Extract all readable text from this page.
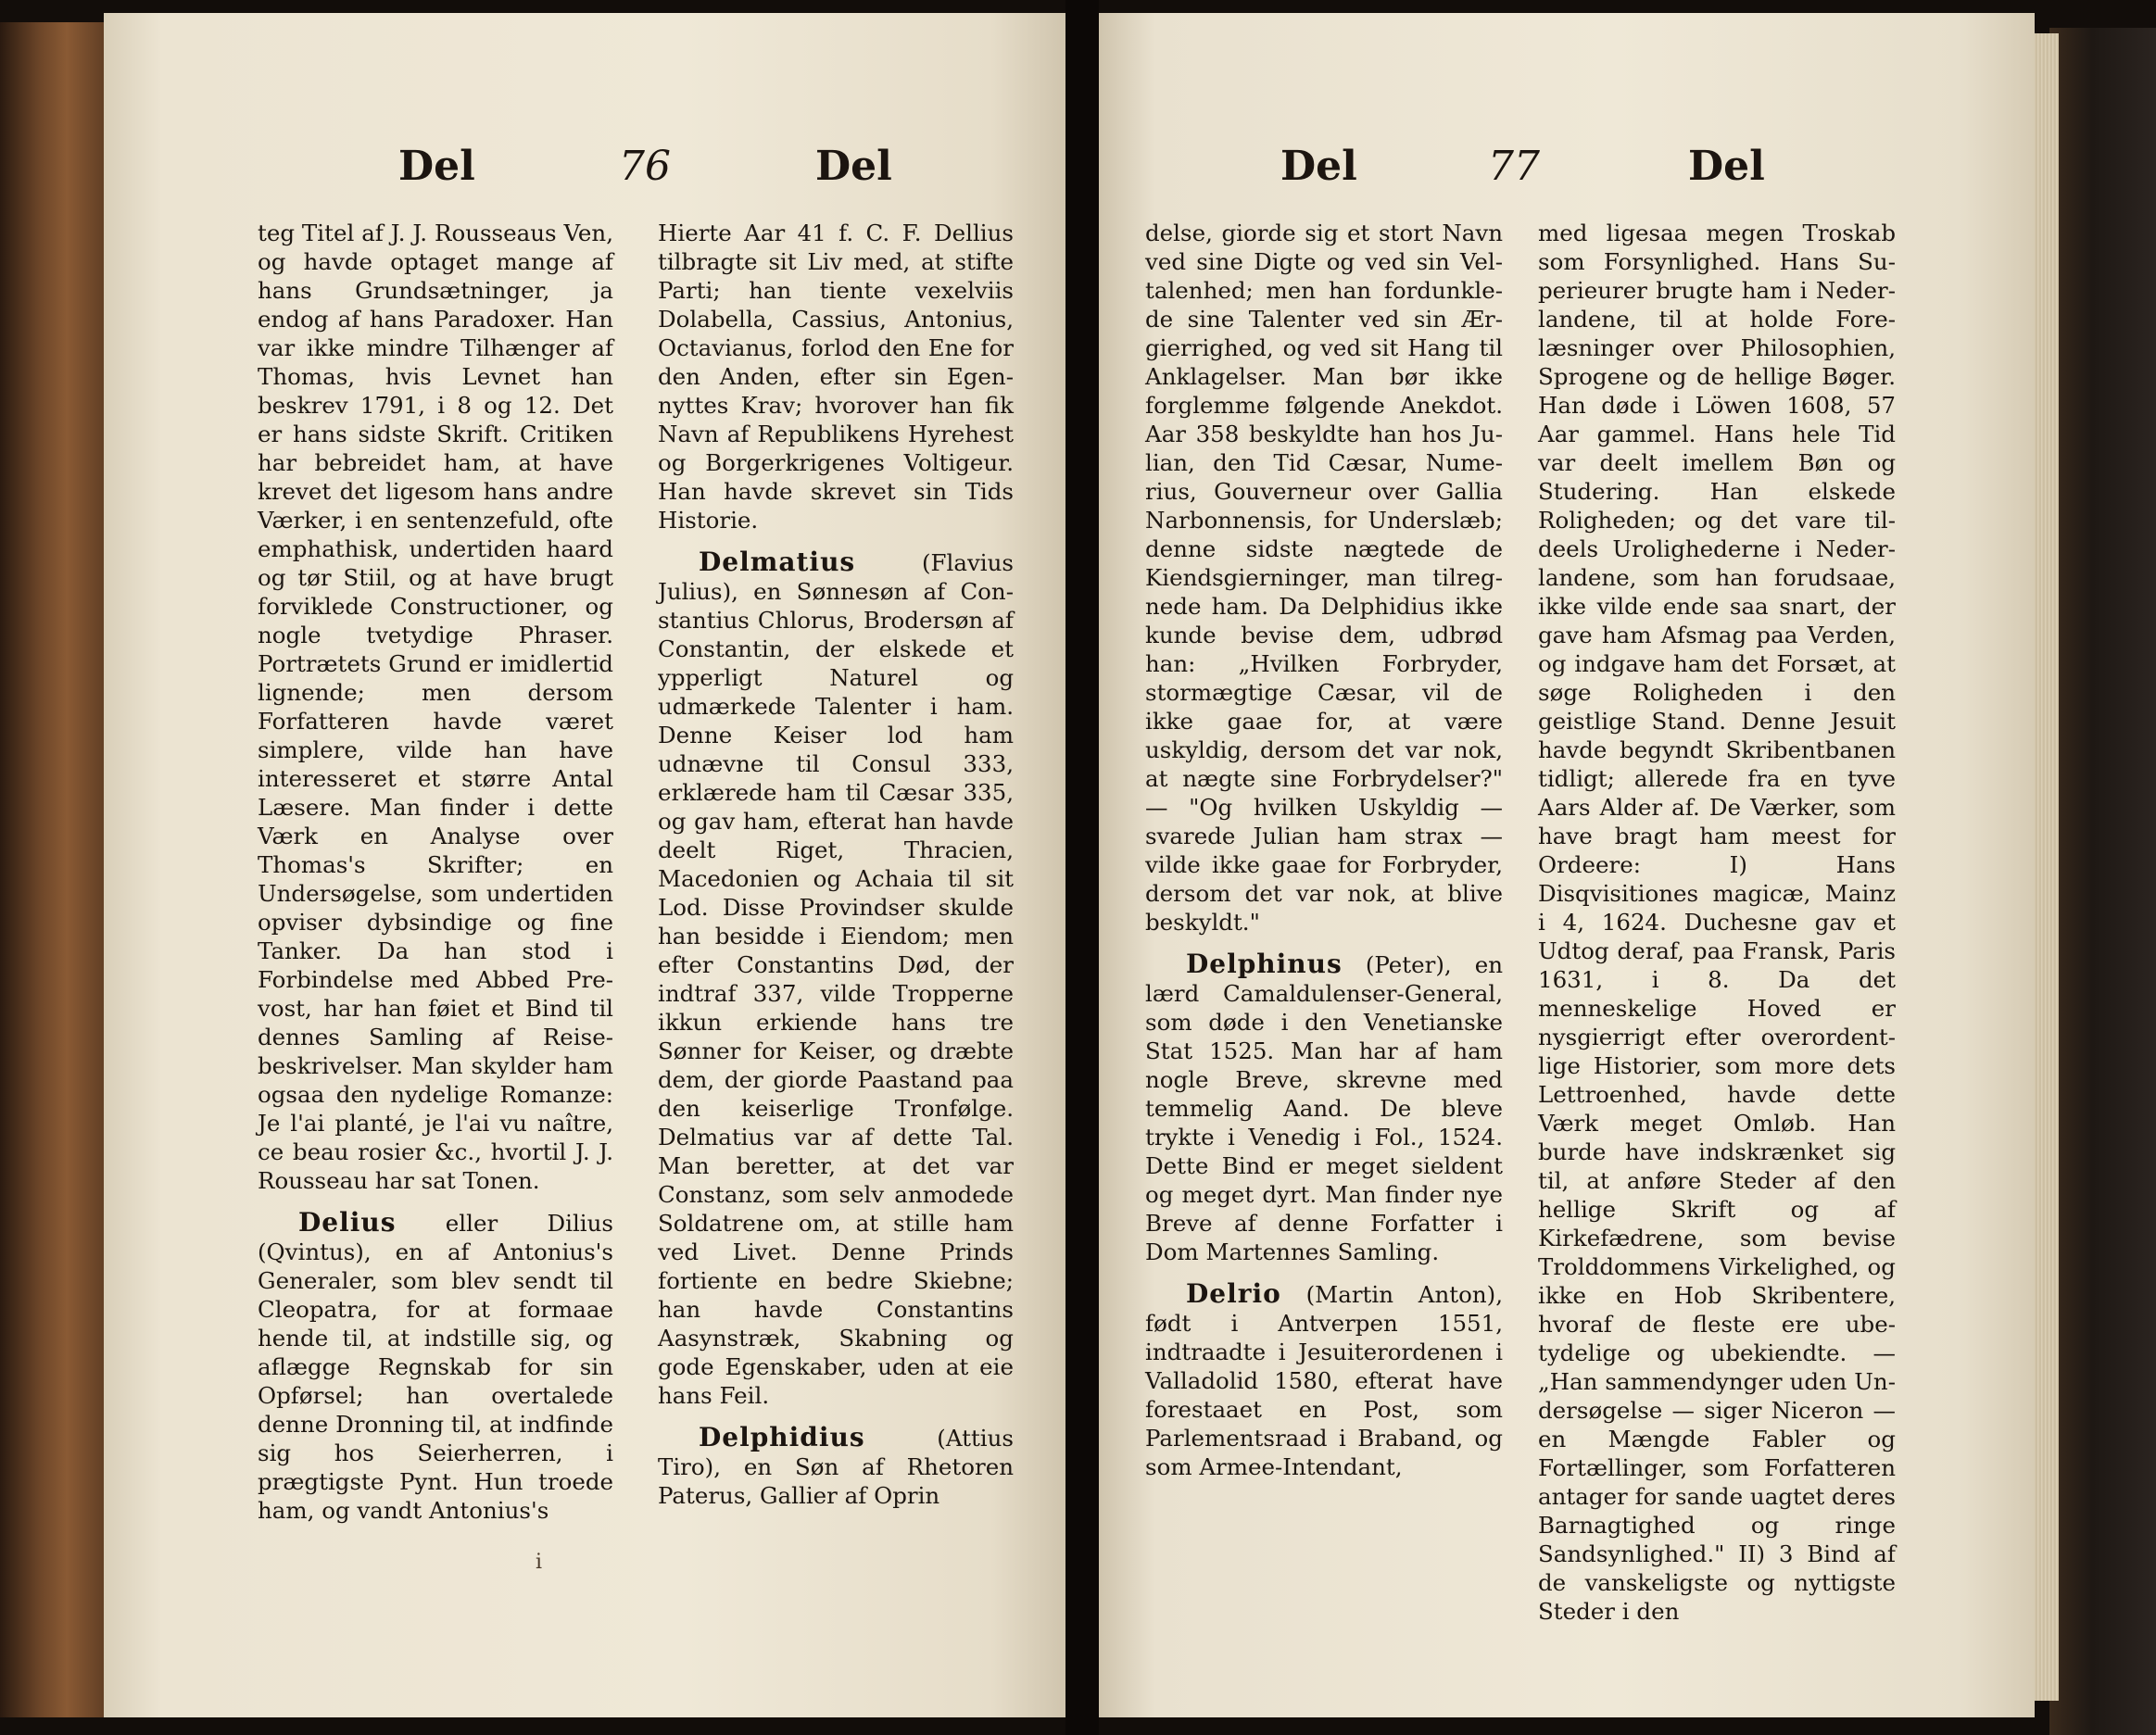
Del	76	Del

teg Titel af J. J. Rousseaus Ven, og havde optaget mange af hans Grundsætninger, ja endog af hans Paradoxer. Han var ikke mindre Tilhænger af Thomas, hvis Levnet han beskrev 1791, i 8 og 12. Det er hans sidste Skrift. Critiken har bebreidet ham, at have krevet det ligesom hans andre Værker, i en sentenzefuld, ofte emphathisk, undertiden haard og tør Stiil, og at have brugt forviklede Constructioner, og nogle tvetydige Phraser. Portrætets Grund er imidlertid lignende; men dersom Forfatteren havde været simplere, vilde han have interesseret et større Antal Læsere. Man finder i dette Værk en Analyse over Thomas's Skrifter; en Undersøgelse, som undertiden opviser dybsindige og fine Tanker. Da han stod i Forbindelse med Abbed Prevost, har han føiet et Bind til dennes Samling af Reisebeskrivelser. Man skylder ham ogsaa den nydelige Romanze: Je l'ai planté, je l'ai vu naître, ce beau rosier &c., hvortil J. J. Rousseau har sat Tonen.

Delius eller Dilius (Qvintus), en af Antonius's Generaler, som blev sendt til Cleopatra, for at formaae hende til, at indstille sig, og aflægge Regnskab for sin Opførsel; han overtalede denne Dronning til, at indfinde sig hos Seierherren, i prægtigste Pynt. Hun troede ham, og vandt Antonius's

Hierte Aar 41 f. C. F. Dellius tilbragte sit Liv med, at stifte Parti; han tiente vexelviis Dolabella, Cassius, Antonius, Octavianus, forlod den Ene for den Anden, efter sin Egennyttes Krav; hvorover han fik Navn af Republikens Hyrehest og Borgerkrigenes Voltigeur. Han havde skrevet sin Tids Historie.

Delmatius (Flavius Julius), en Sønnesøn af Constantius Chlorus, Brodersøn af Constantin, der elskede et ypperligt Naturel og udmærkede Talenter i ham. Denne Keiser lod ham udnævne til Consul 333, erklærede ham til Cæsar 335, og gav ham, efterat han havde deelt Riget, Thracien, Macedonien og Achaia til sit Lod. Disse Provindser skulde han besidde i Eiendom; men efter Constantins Død, der indtraf 337, vilde Tropperne ikkun erkiende hans tre Sønner for Keiser, og dræbte dem, der giorde Paastand paa den keiserlige Tronfølge. Delmatius var af dette Tal. Man beretter, at det var Constanz, som selv anmodede Soldatrene om, at stille ham ved Livet. Denne Prinds fortiente en bedre Skiebne; han havde Constantins Aasynstræk, Skabning og gode Egenskaber, uden at eie hans Feil.

Delphidius (Attius Tiro), en Søn af Rhetoren Paterus, Gallier af Oprin

i
Del	77	Del

delse, giorde sig et stort Navn ved sine Digte og ved sin Veltalenhed; men han fordunklede sine Talenter ved sin Ærgierrighed, og ved sit Hang til Anklagelser. Man bør ikke forglemme følgende Anekdot. Aar 358 beskyldte han hos Julian, den Tid Cæsar, Numerius, Gouverneur over Gallia Narbonnensis, for Underslæb; denne sidste nægtede de Kiendsgierninger, man tilregnede ham. Da Delphidius ikke kunde bevise dem, udbrød han: „Hvilken Forbryder, stormægtige Cæsar, vil de ikke gaae for, at være uskyldig, dersom det var nok, at nægte sine Forbrydelser?" — "Og hvilken Uskyldig — svarede Julian ham strax — vilde ikke gaae for Forbryder, dersom det var nok, at blive beskyldt."

Delphinus (Peter), en lærd Camaldulenser-General, som døde i den Venetianske Stat 1525. Man har af ham nogle Breve, skrevne med temmelig Aand. De bleve trykte i Venedig i Fol., 1524. Dette Bind er meget sieldent og meget dyrt. Man finder nye Breve af denne Forfatter i Dom Martennes Samling.

Delrio (Martin Anton), født i Antverpen 1551, indtraadte i Jesuiterordenen i Valladolid 1580, efterat have forestaaet en Post, som Parlementsraad i Braband, og som Armee-Intendant,

med ligesaa megen Troskab som Forsynlighed. Hans Superieurer brugte ham i Nederlandene, til at holde Forelæsninger over Philosophien, Sprogene og de hellige Bøger. Han døde i Löwen 1608, 57 Aar gammel. Hans hele Tid var deelt imellem Bøn og Studering. Han elskede Roligheden; og det vare tildeels Urolighederne i Nederlandene, som han forudsaae, ikke vilde ende saa snart, der gave ham Afsmag paa Verden, og indgave ham det Forsæt, at søge Roligheden i den geistlige Stand. Denne Jesuit havde begyndt Skribentbanen tidligt; allerede fra en tyve Aars Alder af. De Værker, som have bragt ham meest for Ordeere: I) Hans Disqvisitiones magicæ, Mainz i 4, 1624. Duchesne gav et Udtog deraf, paa Fransk, Paris 1631, i 8. Da det menneskelige Hoved er nysgierrigt efter overordentlige Historier, som more dets Lettroenhed, havde dette Værk meget Omløb. Han burde have indskrænket sig til, at anføre Steder af den hellige Skrift og af Kirkefædrene, som bevise Trolddommens Virkelighed, og ikke en Hob Skribentere, hvoraf de fleste ere ubetydelige og ubekiendte. — „Han sammendynger uden Undersøgelse — siger Niceron — en Mængde Fabler og Fortællinger, som Forfatteren antager for sande uagtet deres Barnagtighed og ringe Sandsynlighed." II) 3 Bind af de vanskeligste og nyttigste Steder i den
